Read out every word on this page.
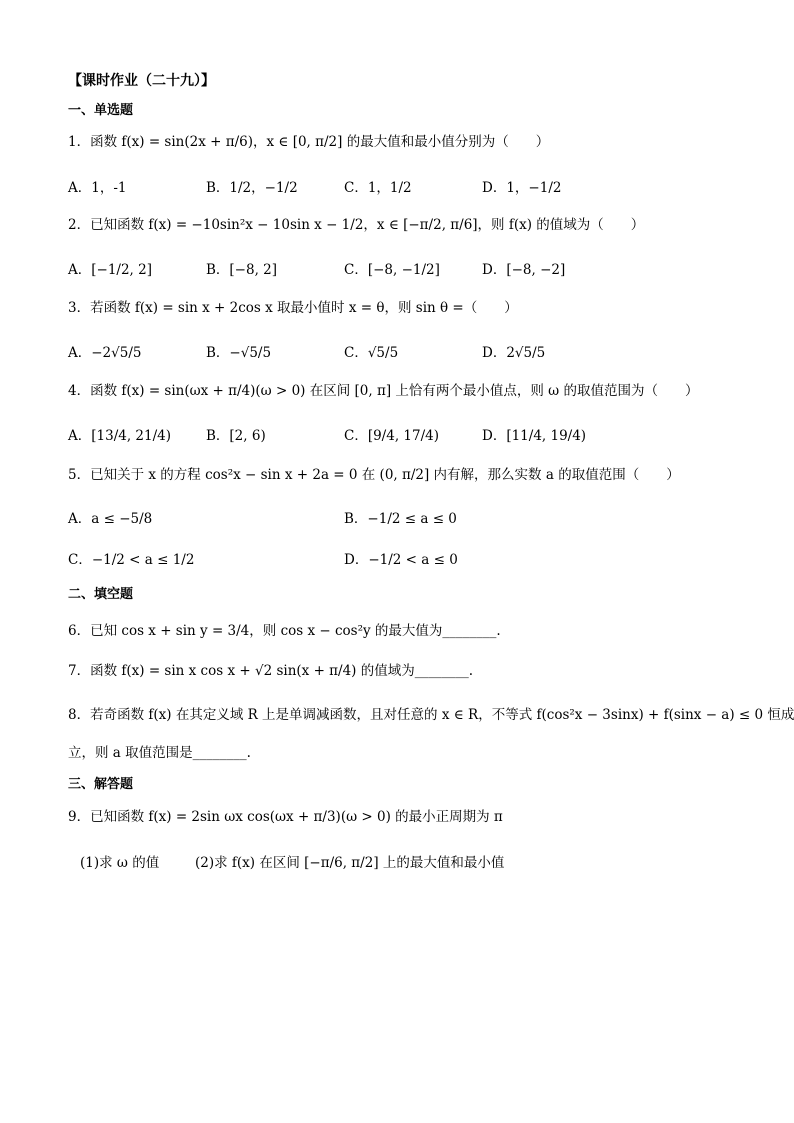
【课时作业（二十九）】
一、单选题
1．函数 f(x) = sin(2x + π/6)，x ∈ [0, π/2] 的最大值和最小值分别为（　　）
A．1，-1	B．1/2，−1/2	C．1，1/2	D．1，−1/2
2．已知函数 f(x) = −10sin²x − 10sin x − 1/2，x ∈ [−π/2, π/6]，则 f(x) 的值域为（　　）
A．[−1/2, 2]	B．[−8, 2]	C．[−8, −1/2]	D．[−8, −2]
3．若函数 f(x) = sin x + 2cos x 取最小值时 x = θ，则 sin θ =（　　）
A．−2√5/5	B．−√5/5	C．√5/5	D．2√5/5
4．函数 f(x) = sin(ωx + π/4)(ω > 0) 在区间 [0, π] 上恰有两个最小值点，则 ω 的取值范围为（　　）
A．[13/4, 21/4)	B．[2, 6)	C．[9/4, 17/4)	D．[11/4, 19/4)
5．已知关于 x 的方程 cos²x − sin x + 2a = 0 在 (0, π/2] 内有解，那么实数 a 的取值范围（　　）
A．a ≤ −5/8	B．−1/2 ≤ a ≤ 0
C．−1/2 < a ≤ 1/2	D．−1/2 < a ≤ 0
二、填空题
6．已知 cos x + sin y = 3/4，则 cos x − cos²y 的最大值为________.
7．函数 f(x) = sin x cos x + √2 sin(x + π/4) 的值域为________.
8．若奇函数 f(x) 在其定义域 R 上是单调减函数，且对任意的 x ∈ R，不等式 f(cos²x − 3sinx) + f(sinx − a) ≤ 0 恒成
立，则 a 取值范围是________.
三、解答题
9．已知函数 f(x) = 2sin ωx cos(ωx + π/3)(ω > 0) 的最小正周期为 π
(1)求 ω 的值	(2)求 f(x) 在区间 [−π/6, π/2] 上的最大值和最小值
